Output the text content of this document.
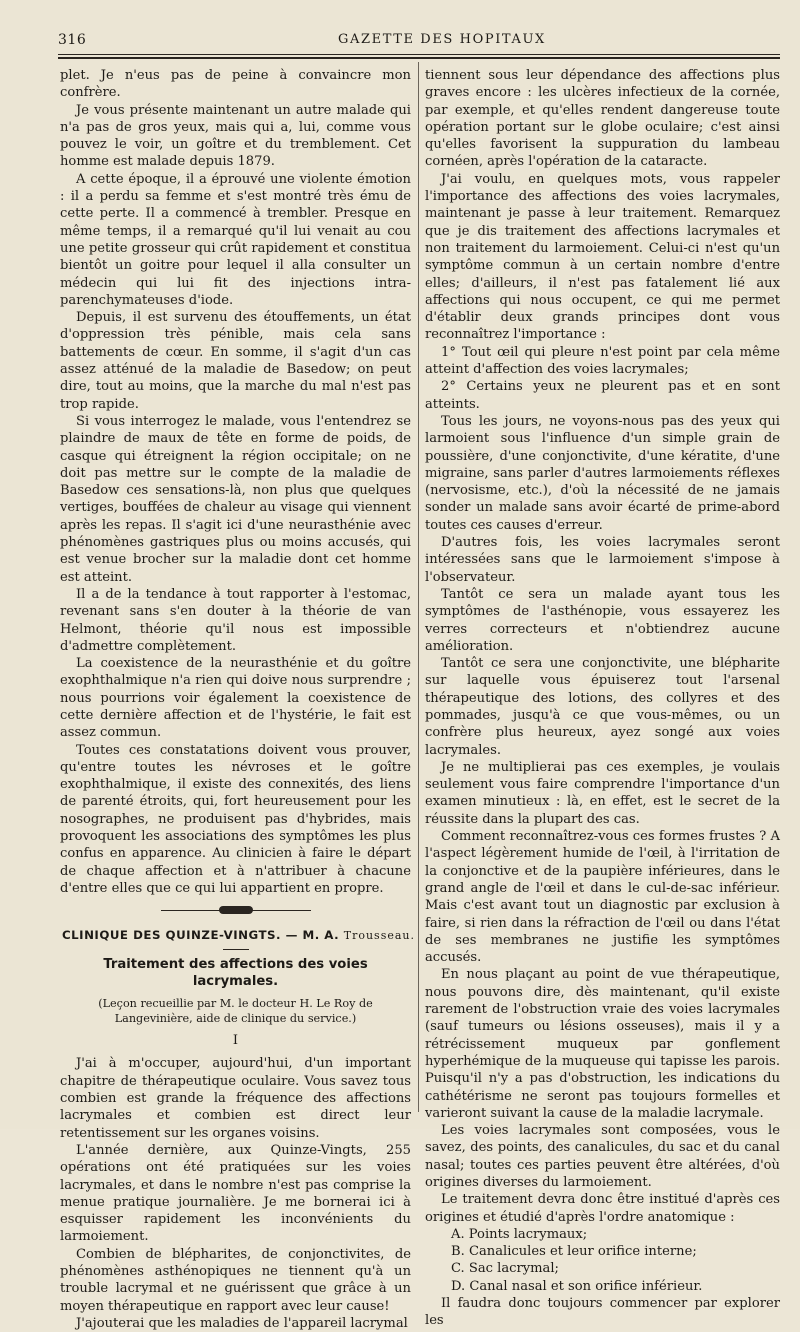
316	GAZETTE DES HOPITAUX

plet. Je n'eus pas de peine à convaincre mon confrère.

Je vous présente maintenant un autre malade qui n'a pas de gros yeux, mais qui a, lui, comme vous pouvez le voir, un goître et du tremblement. Cet homme est malade depuis 1879.

A cette époque, il a éprouvé une violente émotion : il a perdu sa femme et s'est montré très ému de cette perte. Il a commencé à trembler. Presque en même temps, il a remarqué qu'il lui venait au cou une petite grosseur qui crût rapidement et constitua bientôt un goitre pour lequel il alla consulter un médecin qui lui fit des injections intra-parenchymateuses d'iode.

Depuis, il est survenu des étouffements, un état d'oppression très pénible, mais cela sans battements de cœur. En somme, il s'agit d'un cas assez atténué de la maladie de Basedow; on peut dire, tout au moins, que la marche du mal n'est pas trop rapide.

Si vous interrogez le malade, vous l'entendrez se plaindre de maux de tête en forme de poids, de casque qui étreignent la région occipitale; on ne doit pas mettre sur le compte de la maladie de Basedow ces sensations-là, non plus que quelques vertiges, bouffées de chaleur au visage qui viennent après les repas. Il s'agit ici d'une neurasthénie avec phénomènes gastriques plus ou moins accusés, qui est venue brocher sur la maladie dont cet homme est atteint.

Il a de la tendance à tout rapporter à l'estomac, revenant sans s'en douter à la théorie de van Helmont, théorie qu'il nous est impossible d'admettre complètement.

La coexistence de la neurasthénie et du goître exophthalmique n'a rien qui doive nous surprendre ; nous pourrions voir également la coexistence de cette dernière affection et de l'hystérie, le fait est assez commun.

Toutes ces constatations doivent vous prouver, qu'entre toutes les névroses et le goître exophthalmique, il existe des connexités, des liens de parenté étroits, qui, fort heureusement pour les nosographes, ne produisent pas d'hybrides, mais provoquent les associations des symptômes les plus confus en apparence. Au clinicien à faire le départ de chaque affection et à n'attribuer à chacune d'entre elles que ce qui lui appartient en propre.

CLINIQUE DES QUINZE-VINGTS. — M. A. Trousseau.
Traitement des affections des voies lacrymales.
(Leçon recueillie par M. le docteur H. Le Roy de Langevinière, aide de clinique du service.)
I

J'ai à m'occuper, aujourd'hui, d'un important chapitre de thérapeutique oculaire. Vous savez tous combien est grande la fréquence des affections lacrymales et combien est direct leur retentissement sur les organes voisins.

L'année dernière, aux Quinze-Vingts, 255 opérations ont été pratiquées sur les voies lacrymales, et dans le nombre n'est pas comprise la menue pratique journalière. Je me bornerai ici à esquisser rapidement les inconvénients du larmoiement.

Combien de blépharites, de conjonctivites, de phénomènes asthénopiques ne tiennent qu'à un trouble lacrymal et ne guérissent que grâce à un moyen thérapeutique en rapport avec leur cause!

J'ajouterai que les maladies de l'appareil lacrymal

tiennent sous leur dépendance des affections plus graves encore : les ulcères infectieux de la cornée, par exemple, et qu'elles rendent dangereuse toute opération portant sur le globe oculaire; c'est ainsi qu'elles favorisent la suppuration du lambeau cornéen, après l'opération de la cataracte.

J'ai voulu, en quelques mots, vous rappeler l'importance des affections des voies lacrymales, maintenant je passe à leur traitement. Remarquez que je dis traitement des affections lacrymales et non traitement du larmoiement. Celui-ci n'est qu'un symptôme commun à un certain nombre d'entre elles; d'ailleurs, il n'est pas fatalement lié aux affections qui nous occupent, ce qui me permet d'établir deux grands principes dont vous reconnaîtrez l'importance :

1° Tout œil qui pleure n'est point par cela même atteint d'affection des voies lacrymales;

2° Certains yeux ne pleurent pas et en sont atteints.

Tous les jours, ne voyons-nous pas des yeux qui larmoient sous l'influence d'un simple grain de poussière, d'une conjonctivite, d'une kératite, d'une migraine, sans parler d'autres larmoiements réflexes (nervosisme, etc.), d'où la nécessité de ne jamais sonder un malade sans avoir écarté de prime-abord toutes ces causes d'erreur.

D'autres fois, les voies lacrymales seront intéressées sans que le larmoiement s'impose à l'observateur.

Tantôt ce sera un malade ayant tous les symptômes de l'asthénopie, vous essayerez les verres correcteurs et n'obtiendrez aucune amélioration.

Tantôt ce sera une conjonctivite, une blépharite sur laquelle vous épuiserez tout l'arsenal thérapeutique des lotions, des collyres et des pommades, jusqu'à ce que vous-mêmes, ou un confrère plus heureux, ayez songé aux voies lacrymales.

Je ne multiplierai pas ces exemples, je voulais seulement vous faire comprendre l'importance d'un examen minutieux : là, en effet, est le secret de la réussite dans la plupart des cas.

Comment reconnaîtrez-vous ces formes frustes ? A l'aspect légèrement humide de l'œil, à l'irritation de la conjonctive et de la paupière inférieures, dans le grand angle de l'œil et dans le cul-de-sac inférieur. Mais c'est avant tout un diagnostic par exclusion à faire, si rien dans la réfraction de l'œil ou dans l'état de ses membranes ne justifie les symptômes accusés.

En nous plaçant au point de vue thérapeutique, nous pouvons dire, dès maintenant, qu'il existe rarement de l'obstruction vraie des voies lacrymales (sauf tumeurs ou lésions osseuses), mais il y a rétrécissement muqueux par gonflement hyperhémique de la muqueuse qui tapisse les parois. Puisqu'il n'y a pas d'obstruction, les indications du cathétérisme ne seront pas toujours formelles et varieront suivant la cause de la maladie lacrymale.

Les voies lacrymales sont composées, vous le savez, des points, des canalicules, du sac et du canal nasal; toutes ces parties peuvent être altérées, d'où origines diverses du larmoiement.

Le traitement devra donc être institué d'après ces origines et étudié d'après l'ordre anatomique :

A. Points lacrymaux;

B. Canalicules et leur orifice interne;

C. Sac lacrymal;

D. Canal nasal et son orifice inférieur.

Il faudra donc toujours commencer par explorer les
